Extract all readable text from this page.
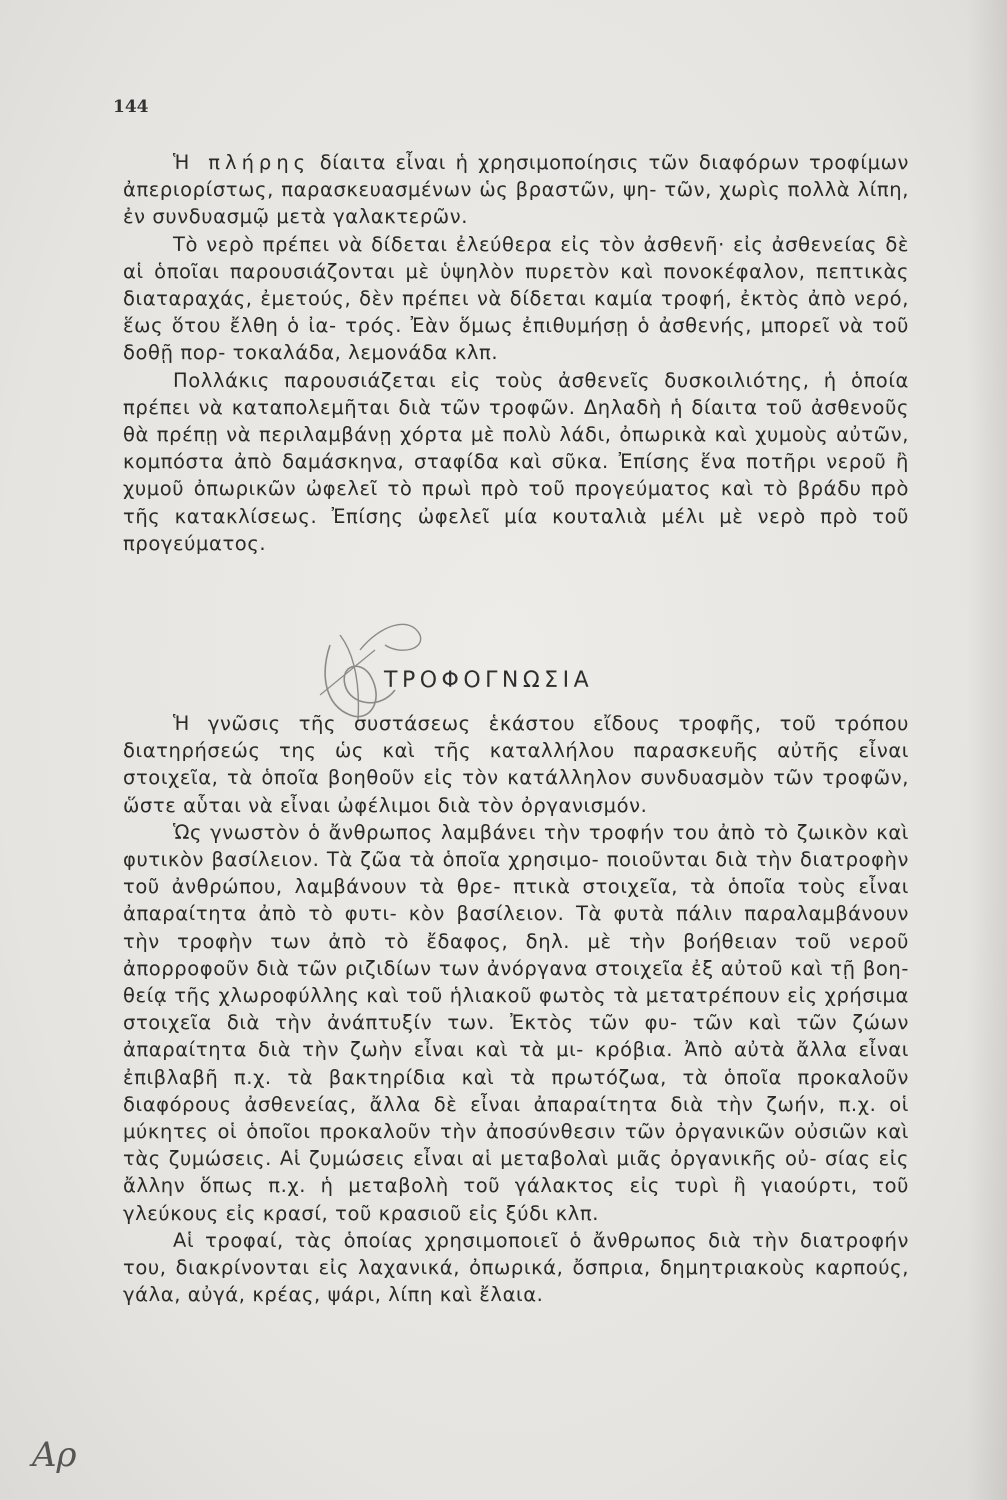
144

Ἡ πλήρης δίαιτα εἶναι ἡ χρησιμοποίησις τῶν διαφόρων τροφίμων ἀπεριορίστως, παρασκευασμένων ὡς βραστῶν, ψη- τῶν, χωρὶς πολλὰ λίπη, ἐν συνδυασμῷ μετὰ γαλακτερῶν.

Τὸ νερὸ πρέπει νὰ δίδεται ἐλεύθερα εἰς τὸν ἀσθενῆ· εἰς ἀσθενείας δὲ αἱ ὁποῖαι παρουσιάζονται μὲ ὑψηλὸν πυρετὸν καὶ πονοκέφαλον, πεπτικὰς διαταραχάς, ἐμετούς, δὲν πρέπει νὰ δίδεται καμία τροφή, ἐκτὸς ἀπὸ νερό, ἕως ὅτου ἔλθη ὁ ἰα- τρός. Ἐὰν ὅμως ἐπιθυμήσῃ ὁ ἀσθενής, μπορεῖ νὰ τοῦ δοθῇ πορ- τοκαλάδα, λεμονάδα κλπ.

Πολλάκις παρουσιάζεται εἰς τοὺς ἀσθενεῖς δυσκοιλιότης, ἡ ὁποία πρέπει νὰ καταπολεμῆται διὰ τῶν τροφῶν. Δηλαδὴ ἡ δίαιτα τοῦ ἀσθενοῦς θὰ πρέπῃ νὰ περιλαμβάνῃ χόρτα μὲ πολὺ λάδι, ὀπωρικὰ καὶ χυμοὺς αὐτῶν, κομπόστα ἀπὸ δαμάσκηνα, σταφίδα καὶ σῦκα. Ἐπίσης ἕνα ποτῆρι νεροῦ ἢ χυμοῦ ὀπωρικῶν ὠφελεῖ τὸ πρωὶ πρὸ τοῦ προγεύματος καὶ τὸ βράδυ πρὸ τῆς κατακλίσεως. Ἐπίσης ὠφελεῖ μία κουταλιὰ μέλι μὲ νερὸ πρὸ τοῦ προγεύματος.

ΤΡΟΦΟΓΝΩΣΙΑ

Ἡ γνῶσις τῆς συστάσεως ἑκάστου εἴδους τροφῆς, τοῦ τρόπου διατηρήσεώς της ὡς καὶ τῆς καταλλήλου παρασκευῆς αὐτῆς εἶναι στοιχεῖα, τὰ ὁποῖα βοηθοῦν εἰς τὸν κατάλληλον συνδυασμὸν τῶν τροφῶν, ὥστε αὗται νὰ εἶναι ὠφέλιμοι διὰ τὸν ὀργανισμόν.

Ὡς γνωστὸν ὁ ἄνθρωπος λαμβάνει τὴν τροφήν του ἀπὸ τὸ ζωικὸν καὶ φυτικὸν βασίλειον. Τὰ ζῶα τὰ ὁποῖα χρησιμο- ποιοῦνται διὰ τὴν διατροφὴν τοῦ ἀνθρώπου, λαμβάνουν τὰ θρε- πτικὰ στοιχεῖα, τὰ ὁποῖα τοὺς εἶναι ἀπαραίτητα ἀπὸ τὸ φυτι- κὸν βασίλειον. Τὰ φυτὰ πάλιν παραλαμβάνουν τὴν τροφὴν των ἀπὸ τὸ ἔδαφος, δηλ. μὲ τὴν βοήθειαν τοῦ νεροῦ ἀπορροφοῦν διὰ τῶν ριζιδίων των ἀνόργανα στοιχεῖα ἐξ αὐτοῦ καὶ τῇ βοη- θείᾳ τῆς χλωροφύλλης καὶ τοῦ ἡλιακοῦ φωτὸς τὰ μετατρέπουν εἰς χρήσιμα στοιχεῖα διὰ τὴν ἀνάπτυξίν των. Ἐκτὸς τῶν φυ- τῶν καὶ τῶν ζώων ἀπαραίτητα διὰ τὴν ζωὴν εἶναι καὶ τὰ μι- κρόβια. Ἀπὸ αὐτὰ ἄλλα εἶναι ἐπιβλαβῆ π.χ. τὰ βακτηρίδια καὶ τὰ πρωτόζωα, τὰ ὁποῖα προκαλοῦν διαφόρους ἀσθενείας, ἄλλα δὲ εἶναι ἀπαραίτητα διὰ τὴν ζωήν, π.χ. οἱ μύκητες οἱ ὁποῖοι προκαλοῦν τὴν ἀποσύνθεσιν τῶν ὀργανικῶν οὐσιῶν καὶ τὰς ζυμώσεις. Αἱ ζυμώσεις εἶναι αἱ μεταβολαὶ μιᾶς ὀργανικῆς οὐ- σίας εἰς ἄλλην ὅπως π.χ. ἡ μεταβολὴ τοῦ γάλακτος εἰς τυρὶ ἢ γιαούρτι, τοῦ γλεύκους εἰς κρασί, τοῦ κρασιοῦ εἰς ξύδι κλπ.

Αἱ τροφαί, τὰς ὁποίας χρησιμοποιεῖ ὁ ἄνθρωπος διὰ τὴν διατροφήν του, διακρίνονται εἰς λαχανικά, ὀπωρικά, ὄσπρια, δημητριακοὺς καρπούς, γάλα, αὐγά, κρέας, ψάρι, λίπη καὶ ἔλαια.

Αρ
